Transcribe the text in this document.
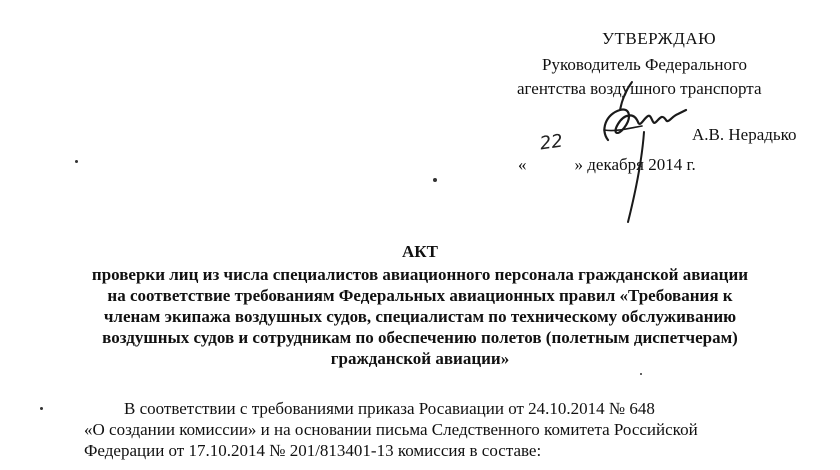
УТВЕРЖДАЮ
Руководитель Федерального
агентства воздушного транспорта
А.В. Нерадько
22
«	» декабря 2014 г.
АКТ
проверки лиц из числа специалистов авиационного персонала гражданской авиации
на соответствие требованиям Федеральных авиационных правил «Требования к
членам экипажа воздушных судов, специалистам по техническому обслуживанию
воздушных судов и сотрудникам по обеспечению полетов (полетным диспетчерам)
гражданской авиации»
В соответствии с требованиями приказа Росавиации от 24.10.2014 № 648
«О создании комиссии» и на основании письма Следственного комитета Российской
Федерации от 17.10.2014 № 201/813401-13 комиссия в составе:
